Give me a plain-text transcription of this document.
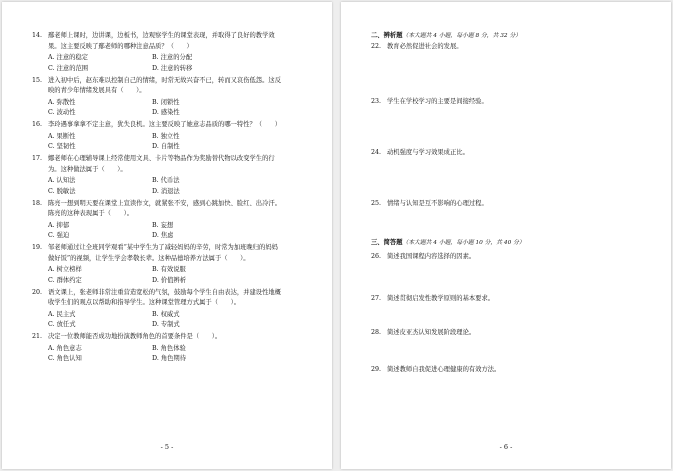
14. 鄢老师上课时，边讲课，边板书，边观察学生的课堂表现，并取得了良好的教学效
果。这主要反映了鄢老师的哪种注意品质？（　　）
A. 注意的稳定	B. 注意的分配
C. 注意的范围	D. 注意的转移
15. 进入初中后，赵东难以控制自己的情绪，时常无故兴奋不已，转而又哀伤低怨。这反
映的青少年情绪发展具有（　　）。
A. 弥散性	B. 闭锁性
C. 波动性	D. 感染性
16. 李玲遇事拿拿不定主意，犹失良机。这主要反映了她意志品质的哪一特性？（　　）
A. 果断性	B. 独立性
C. 坚韧性	D. 自制性
17. 娜老师在心理辅导课上经常使用文具、卡片等物品作为奖励替代物以改变学生的行
为。这种做法属于（　　）。
A. 认知法	B. 代币法
C. 脱敏法	D. 消退法
18. 陈亮一想到明天要在课堂上宣读作文，就紧张不安，感到心跳加快、脸红、出冷汗。
陈亮的这种表现属于（　　）。
A. 抑郁	B. 妄想
C. 强迫	D. 焦虑
19. 邹老师通过让全班同学观看“某中学生为了减轻妈妈的辛劳，时常为加班晚归的妈妈
做好饭”的视频，让学生学会孝敬长辈。这种品德培养方法属于（　　）。
A. 树立榜样	B. 有效说服
C. 群体约定	D. 价值辨析
20. 语文课上，张老师非常注重营造宽松的气氛，鼓励每个学生自由表达，并建设性地概
收学生们的观点以帮助和指导学生。这种课堂管理方式属于（　　）。
A. 民主式	B. 权威式
C. 放任式	D. 专制式
21. 决定一位教师能否成功地扮演教师角色的首要条件是（　　）。
A. 角色意志	B. 角色体验
C. 角色认知	D. 角色期待
- 5 -
二、辨析题（本大题共 4 小题，每小题 8 分，共 32 分）
22. 教育必然促进社会的发展。
23. 学生在学校学习的主要是间接经验。
24. 动机强度与学习效果成正比。
25. 情绪与认知是互不影响的心理过程。
三、简答题（本大题共 4 小题，每小题 10 分，共 40 分）
26. 简述我国课程内容选择的因素。
27. 简述贯彻启发性教学原则的基本要求。
28. 简述皮亚杰认知发展阶段理论。
29. 简述教师自我促进心理健康的有效方法。
- 6 -
